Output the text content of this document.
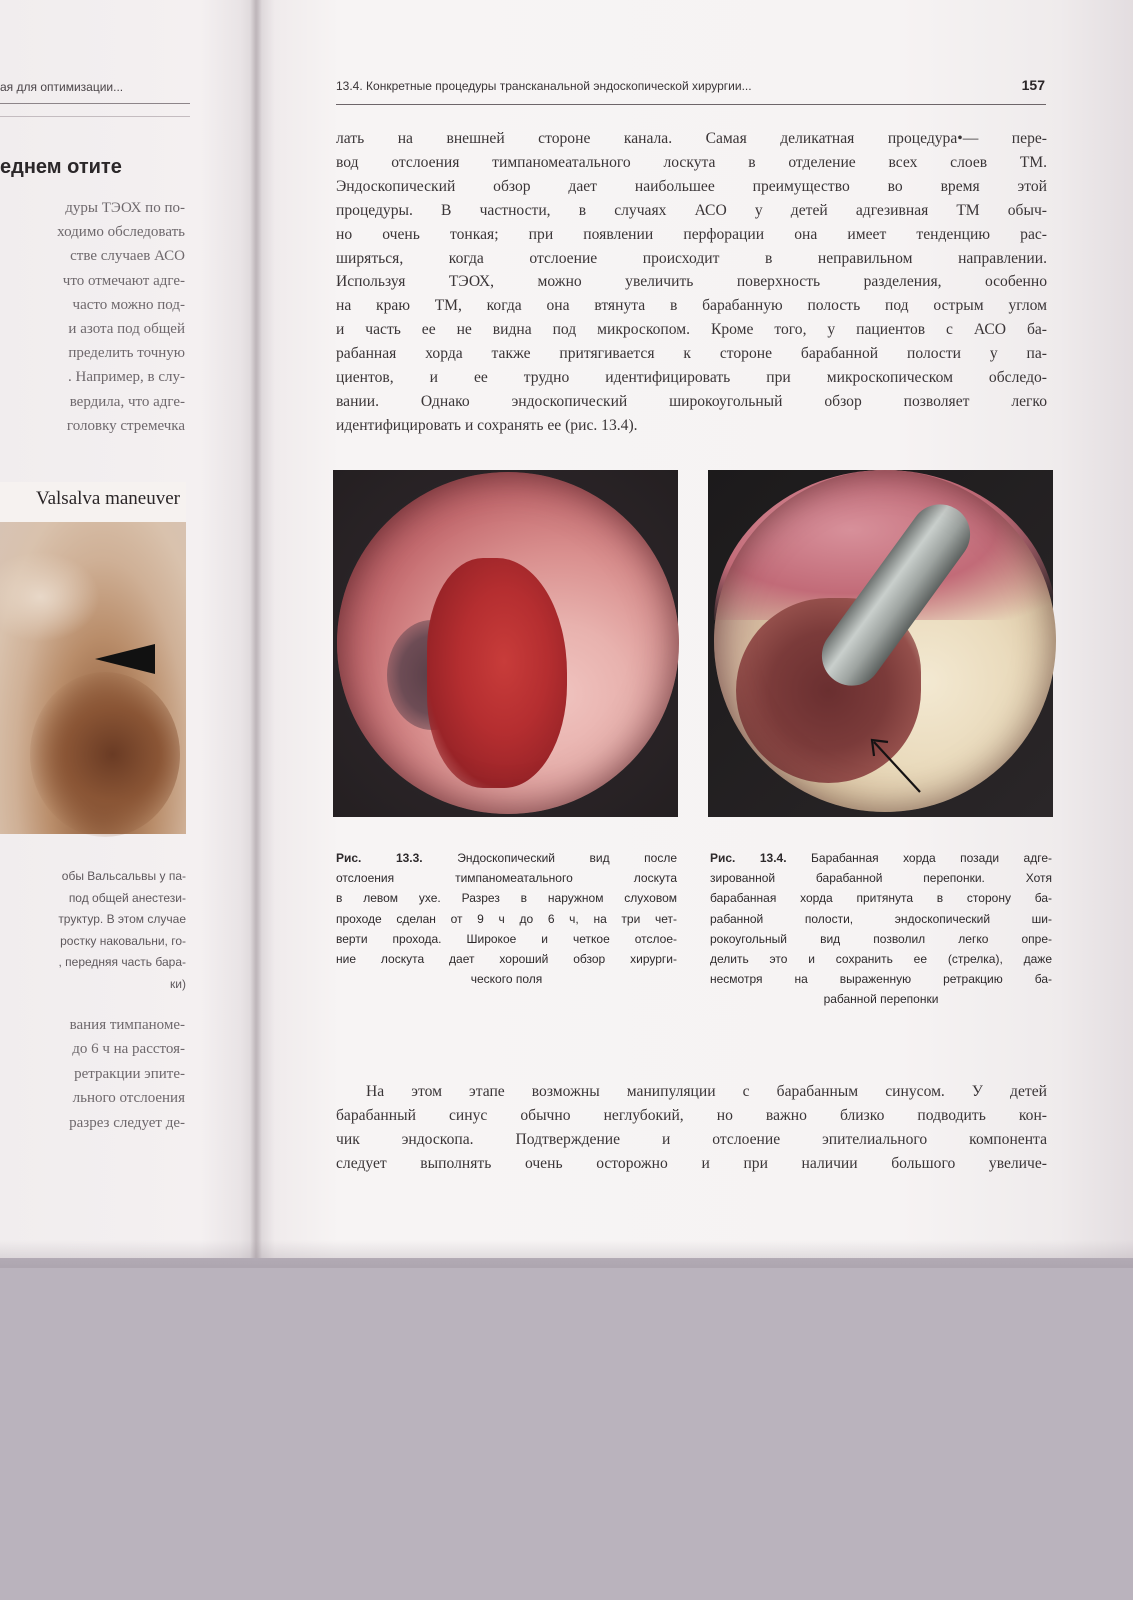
ая для оптимизации...
еднем отите
дуры ТЭОХ по по-
ходимо обследовать
стве случаев АСО
что отмечают адге-
часто можно под-
и азота под общей
пределить точную
. Например, в слу-
вердила, что адге-
головку стремечка
Valsalva maneuver
обы Вальсальвы у па-
под общей анестези-
труктур. В этом случае
ростку наковальни, го-
, передняя часть бара-
ки)
вания тимпаноме-
до 6 ч на расстоя-
ретракции эпите-
льного отслоения
разрез следует де-
13.4. Конкретные процедуры трансканальной эндоскопической хирургии...	157
лать на внешней стороне канала. Самая деликатная процедура•— пере-
вод отслоения тимпаномеатального лоскута в отделение всех слоев ТМ.
Эндоскопический обзор дает наибольшее преимущество во время этой
процедуры. В частности, в случаях АСО у детей адгезивная ТМ обыч-
но очень тонкая; при появлении перфорации она имеет тенденцию рас-
ширяться, когда отслоение происходит в неправильном направлении.
Используя ТЭОХ, можно увеличить поверхность разделения, особенно
на краю ТМ, когда она втянута в барабанную полость под острым углом
и часть ее не видна под микроскопом. Кроме того, у пациентов с АСО ба-
рабанная хорда также притягивается к стороне барабанной полости у па-
циентов, и ее трудно идентифицировать при микроскопическом обследо-
вании. Однако эндоскопический широкоугольный обзор позволяет легко
идентифицировать и сохранять ее (рис. 13.4).
Рис. 13.3.	Эндоскопический вид после
отслоения тимпаномеатального лоскута
в левом ухе. Разрез в наружном слуховом
проходе сделан от 9 ч до 6 ч, на три чет-
верти прохода. Широкое и четкое отслое-
ние лоскута дает хороший обзор хирурги-
ческого поля
Рис. 13.4. Барабанная хорда позади адге-
зированной барабанной перепонки. Хотя
барабанная хорда притянута в сторону ба-
рабанной полости, эндоскопический ши-
рокоугольный вид позволил легко опре-
делить это и сохранить ее (стрелка), даже
несмотря на выраженную ретракцию ба-
рабанной перепонки
На этом этапе возможны манипуляции с барабанным синусом. У детей
барабанный синус обычно неглубокий, но важно близко подводить кон-
чик эндоскопа. Подтверждение и отслоение эпителиального компонента
следует выполнять очень осторожно и при наличии большого увеличе-
